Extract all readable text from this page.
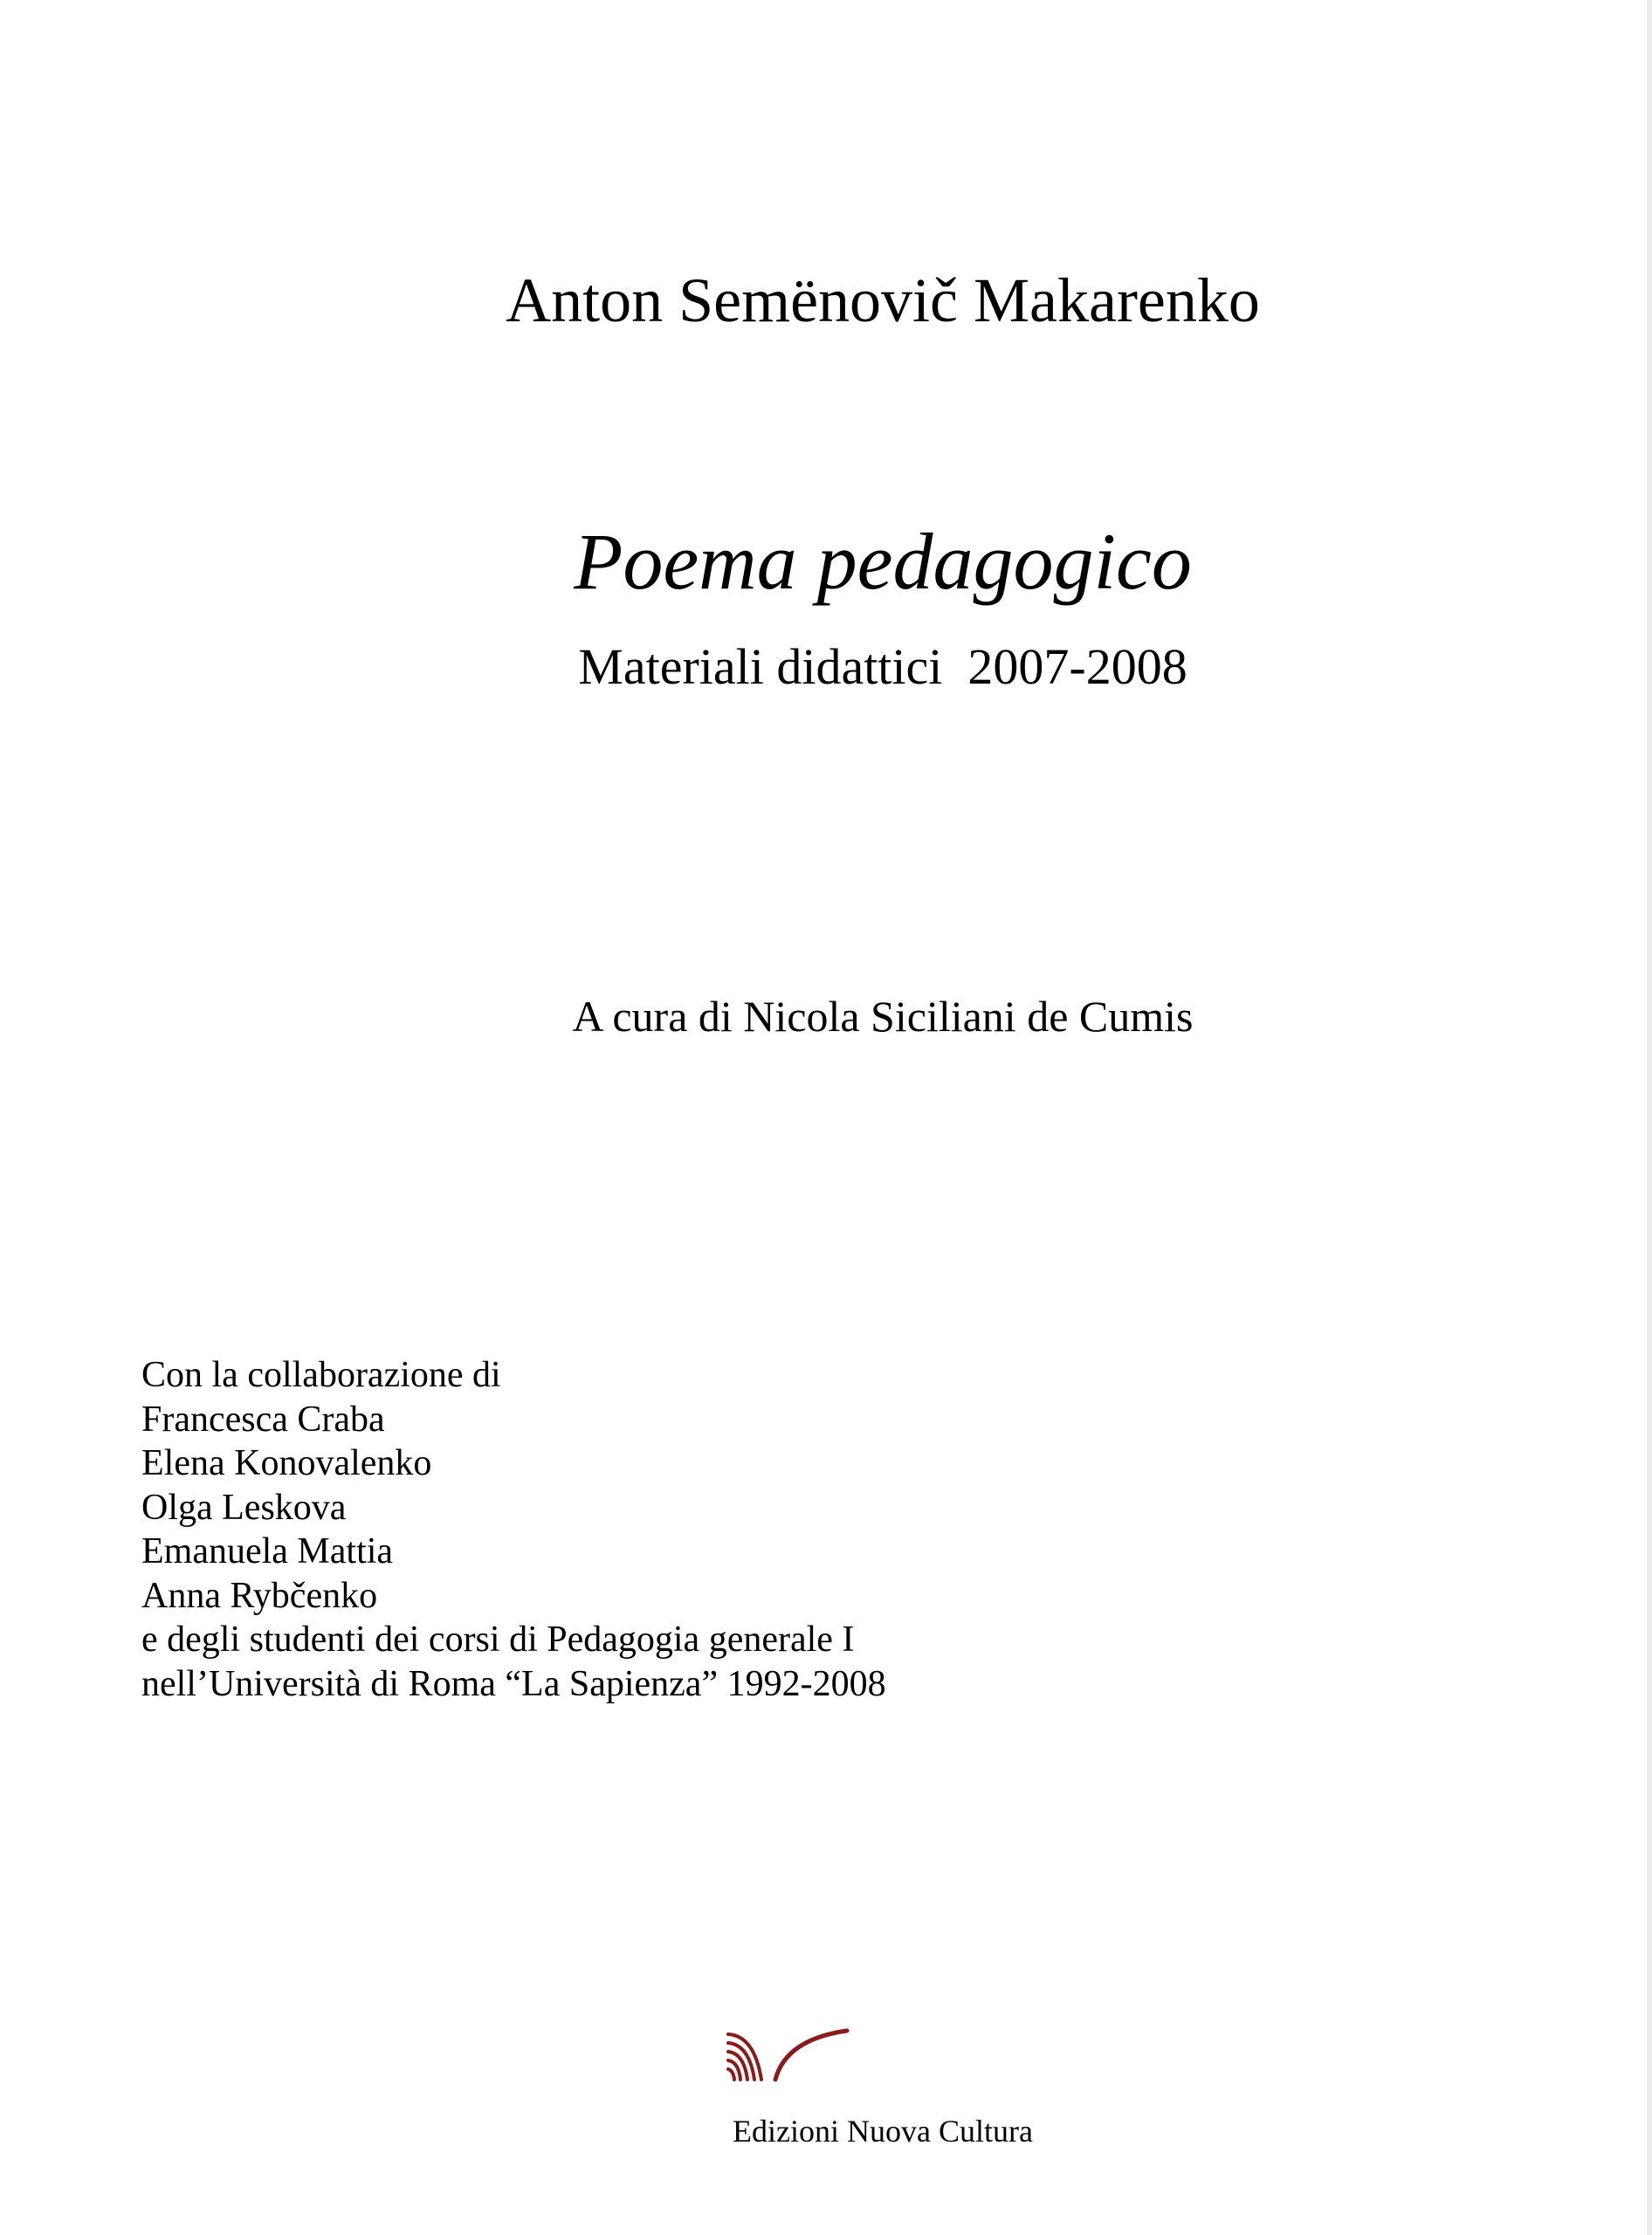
Anton Semënovič Makarenko
Poema pedagogico
Materiali didattici  2007-2008
A cura di Nicola Siciliani de Cumis
Con la collaborazione di
Francesca Craba
Elena Konovalenko
Olga Leskova
Emanuela Mattia
Anna Rybčenko
e degli studenti dei corsi di Pedagogia generale I
nell’Università di Roma “La Sapienza” 1992-2008
Edizioni Nuova Cultura
